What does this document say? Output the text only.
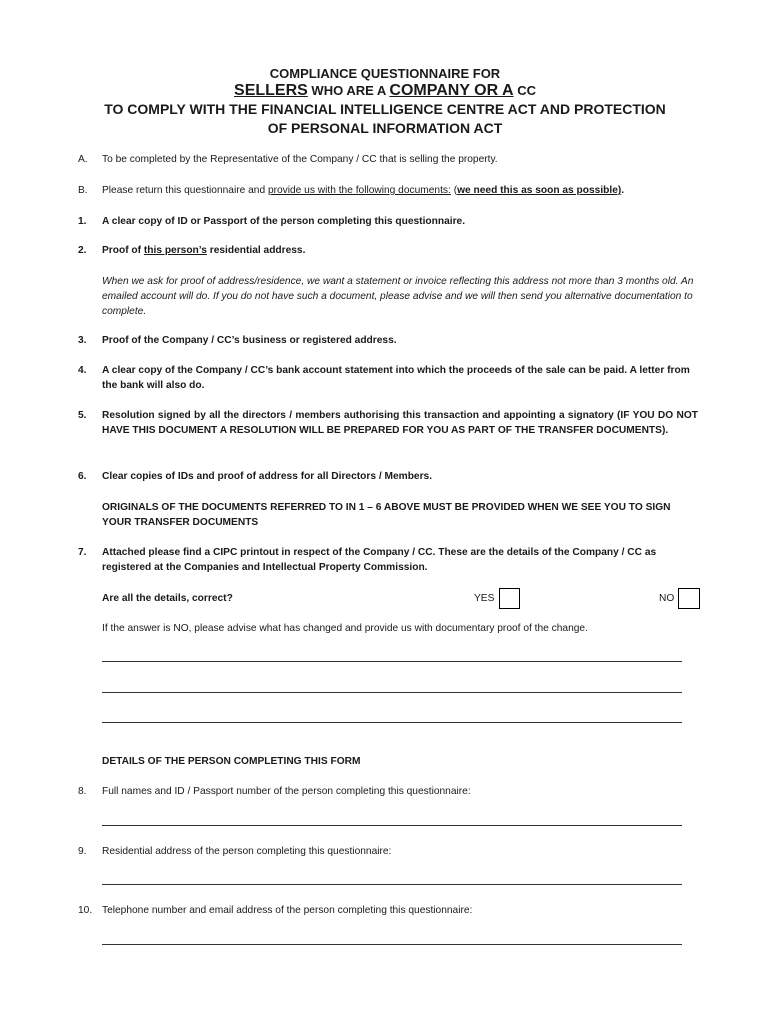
COMPLIANCE QUESTIONNAIRE FOR
SELLERS WHO ARE A COMPANY OR A CC
TO COMPLY WITH THE FINANCIAL INTELLIGENCE CENTRE ACT AND PROTECTION
OF PERSONAL INFORMATION ACT
A.	To be completed by the Representative of the Company / CC that is selling the property.
B.	Please return this questionnaire and provide us with the following documents: (we need this as soon as possible).
1.	A clear copy of ID or Passport of the person completing this questionnaire.
2.	Proof of this person’s residential address.
When we ask for proof of address/residence, we want a statement or invoice reflecting this address not more than 3 months old. An emailed account will do. If you do not have such a document, please advise and we will then send you alternative documentation to complete.
3.	Proof of the Company / CC’s business or registered address.
4.	A clear copy of the Company / CC’s bank account statement into which the proceeds of the sale can be paid. A letter from the bank will also do.
5.	Resolution signed by all the directors / members authorising this transaction and appointing a signatory (IF YOU DO NOT HAVE THIS DOCUMENT A RESOLUTION WILL BE PREPARED FOR YOU AS PART OF THE TRANSFER DOCUMENTS).
6.	Clear copies of IDs and proof of address for all Directors / Members.
ORIGINALS OF THE DOCUMENTS REFERRED TO IN 1 – 6 ABOVE MUST BE PROVIDED WHEN WE SEE YOU TO SIGN YOUR TRANSFER DOCUMENTS
7.	Attached please find a CIPC printout in respect of the Company / CC. These are the details of the Company / CC as registered at the Companies and Intellectual Property Commission.
Are all the details, correct?	YES	NO
If the answer is NO, please advise what has changed and provide us with documentary proof of the change.
DETAILS OF THE PERSON COMPLETING THIS FORM
8.	Full names and ID / Passport number of the person completing this questionnaire:
9.	Residential address of the person completing this questionnaire:
10. Telephone number and email address of the person completing this questionnaire:
